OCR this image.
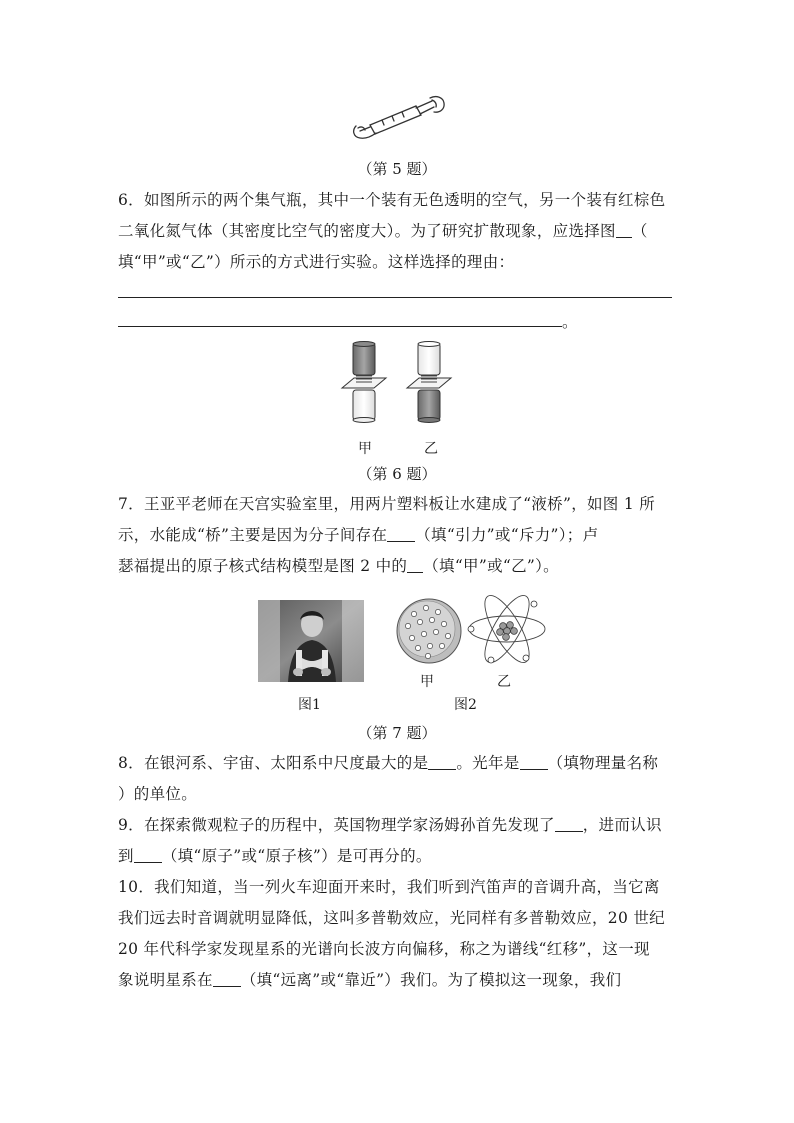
（第 5 题）

6．如图所示的两个集气瓶，其中一个装有无色透明的空气，另一个装有红棕色

二氧化氮气体（其密度比空气的密度大）。为了研究扩散现象，应选择图 （

填“甲”或“乙”）所示的方式进行实验。这样选择的理由：

。
甲	乙
（第 6 题）

7．王亚平老师在天宫实验室里，用两片塑料板让水建成了“液桥”，如图 1 所

示，水能成“桥”主要是因为分子间存在 （填“引力”或“斥力”）；卢

瑟福提出的原子核式结构模型是图 2 中的 （填“甲”或“乙”）。

甲	乙
图1	图2
（第 7 题）

8．在银河系、宇宙、太阳系中尺度最大的是 。光年是 （填物理量名称

）的单位。

9．在探索微观粒子的历程中，英国物理学家汤姆孙首先发现了 ，进而认识

到 （填“原子”或“原子核”）是可再分的。

10．我们知道，当一列火车迎面开来时，我们听到汽笛声的音调升高，当它离

我们远去时音调就明显降低，这叫多普勒效应，光同样有多普勒效应，20 世纪

20 年代科学家发现星系的光谱向长波方向偏移，称之为谱线“红移”，这一现

象说明星系在 （填“远离”或“靠近”）我们。为了模拟这一现象，我们
